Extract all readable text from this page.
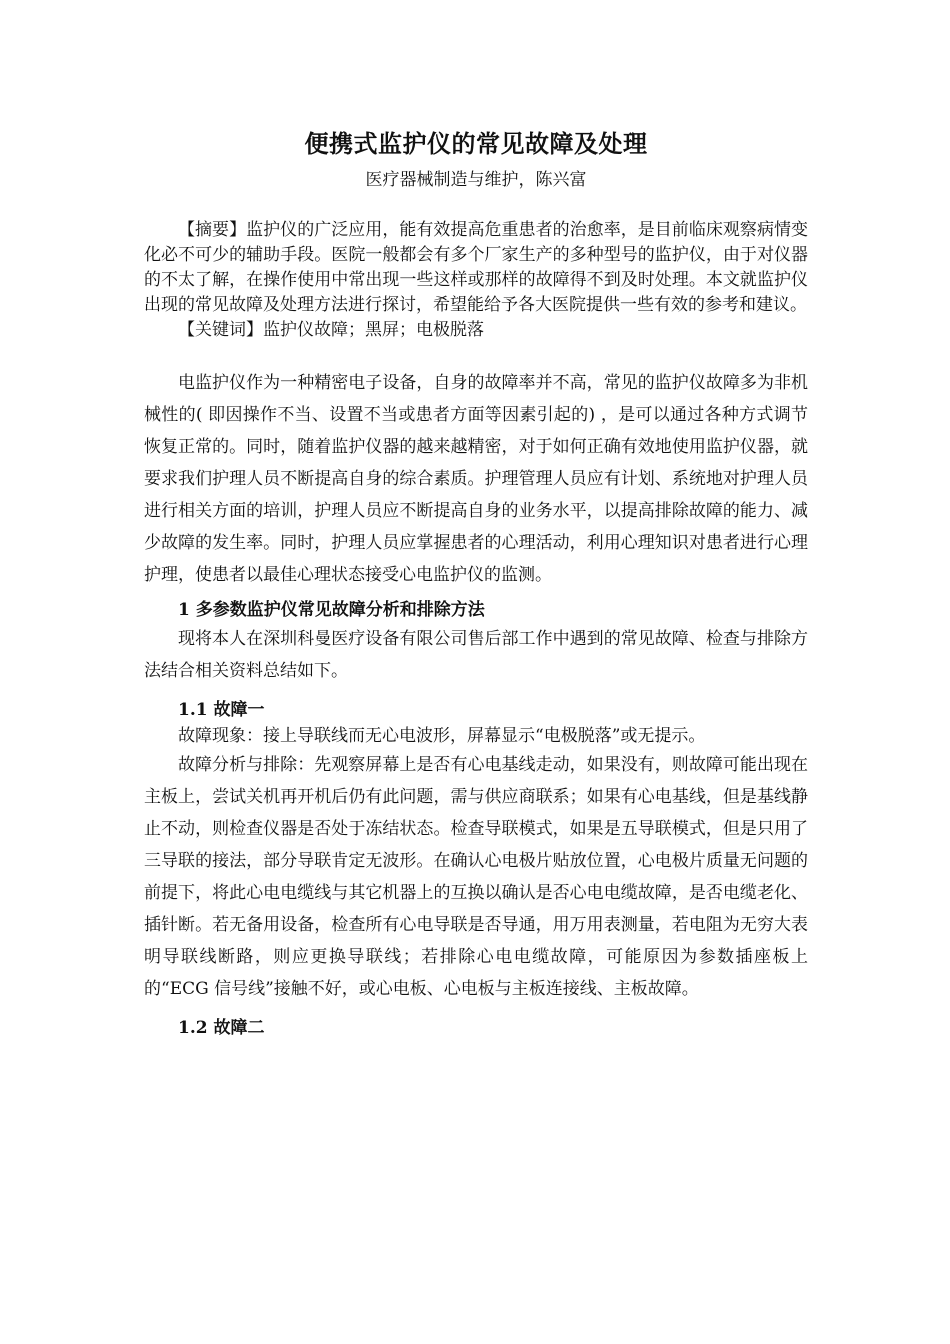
便携式监护仪的常见故障及处理

医疗器械制造与维护，陈兴富

【摘要】监护仪的广泛应用，能有效提高危重患者的治愈率，是目前临床观察病情变化必不可少的辅助手段。医院一般都会有多个厂家生产的多种型号的监护仪，由于对仪器的不太了解，在操作使用中常出现一些这样或那样的故障得不到及时处理。本文就监护仪出现的常见故障及处理方法进行探讨，希望能给予各大医院提供一些有效的参考和建议。

【关键词】监护仪故障；黑屏；电极脱落

电监护仪作为一种精密电子设备，自身的故障率并不高，常见的监护仪故障多为非机械性的( 即因操作不当、设置不当或患者方面等因素引起的) ，是可以通过各种方式调节恢复正常的。同时，随着监护仪器的越来越精密，对于如何正确有效地使用监护仪器，就要求我们护理人员不断提高自身的综合素质。护理管理人员应有计划、系统地对护理人员进行相关方面的培训，护理人员应不断提高自身的业务水平，以提高排除故障的能力、减少故障的发生率。同时，护理人员应掌握患者的心理活动，利用心理知识对患者进行心理护理，使患者以最佳心理状态接受心电监护仪的监测。

1 多参数监护仪常见故障分析和排除方法

现将本人在深圳科曼医疗设备有限公司售后部工作中遇到的常见故障、检查与排除方法结合相关资料总结如下。

1.1 故障一

故障现象：接上导联线而无心电波形，屏幕显示“电极脱落”或无提示。

故障分析与排除：先观察屏幕上是否有心电基线走动，如果没有，则故障可能出现在主板上，尝试关机再开机后仍有此问题，需与供应商联系；如果有心电基线，但是基线静止不动，则检查仪器是否处于冻结状态。检查导联模式，如果是五导联模式，但是只用了三导联的接法，部分导联肯定无波形。在确认心电极片贴放位置，心电极片质量无问题的前提下，将此心电电缆线与其它机器上的互换以确认是否心电电缆故障，是否电缆老化、插针断。若无备用设备，检查所有心电导联是否导通，用万用表测量，若电阻为无穷大表明导联线断路，则应更换导联线；若排除心电电缆故障，可能原因为参数插座板上的“ECG 信号线”接触不好，或心电板、心电板与主板连接线、主板故障。

1.2 故障二
